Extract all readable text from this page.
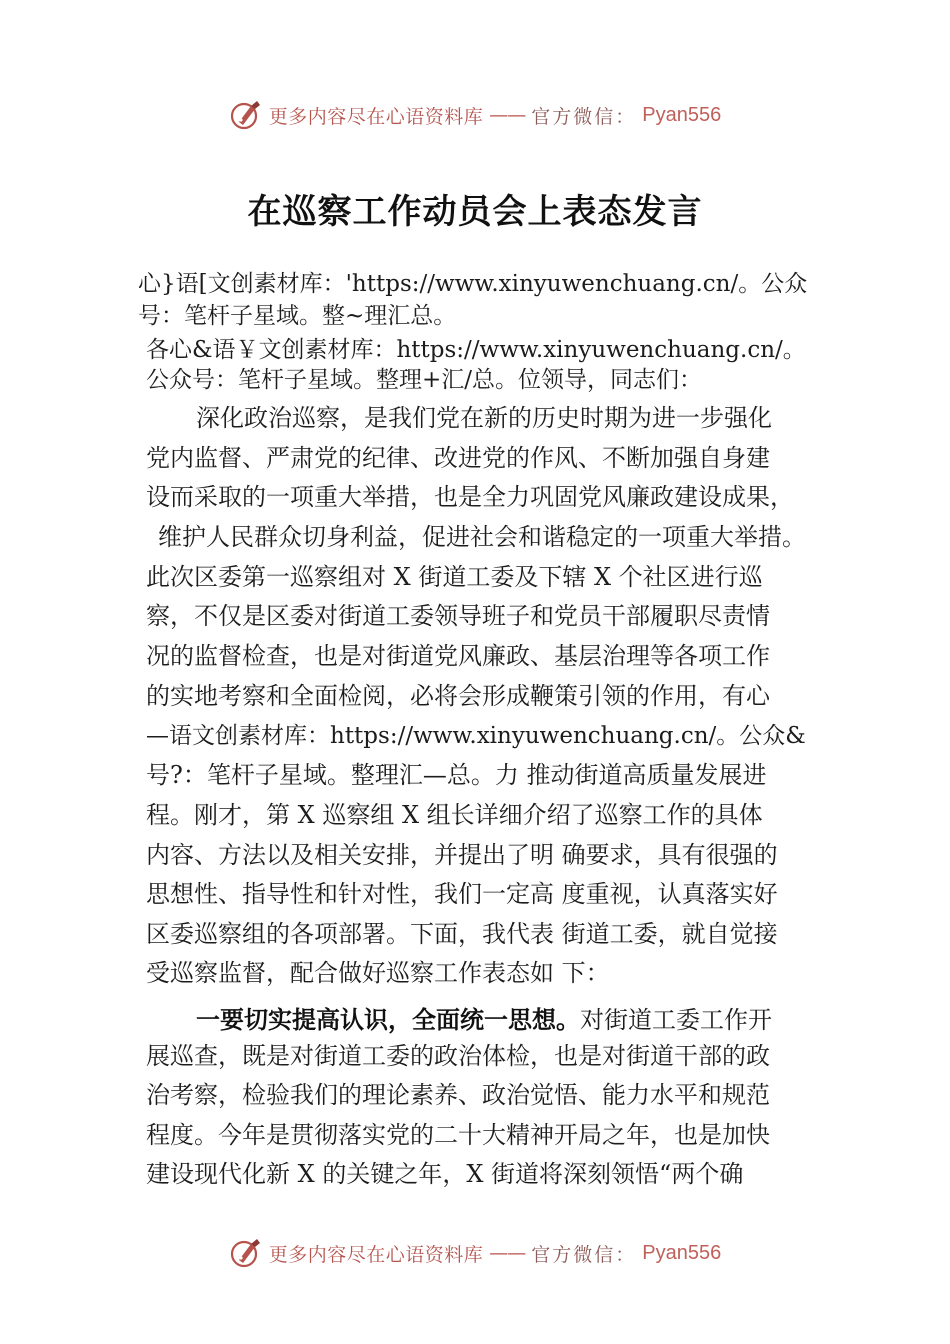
更多内容尽在心语资料库 —— 官方微信： Pyan556
在巡察工作动员会上表态发言
心}语[文创素材库：'https://www.xinyuwenchuang.cn/。公众
号：笔杆子星域。整~理汇总。
各心&语￥文创素材库：https://www.xinyuwenchuang.cn/。
公众号：笔杆子星域。整理+汇/总。位领导，同志们：
深化政治巡察，是我们党在新的历史时期为进一步强化
党内监督、严肃党的纪律、改进党的作风、不断加强自身建
设而采取的一项重大举措，也是全力巩固党风廉政建设成果，
维护人民群众切身利益，促进社会和谐稳定的一项重大举措。
此次区委第一巡察组对 X 街道工委及下辖 X 个社区进行巡
察，不仅是区委对街道工委领导班子和党员干部履职尽责情
况的监督检查，也是对街道党风廉政、基层治理等各项工作
的实地考察和全面检阅，必将会形成鞭策引领的作用，有心
—语文创素材库：https://www.xinyuwenchuang.cn/。公众&
号?：笔杆子星域。整理汇—总。力 推动街道高质量发展进
程。刚才，第 X 巡察组 X 组长详细介绍了巡察工作的具体
内容、方法以及相关安排，并提出了明 确要求，具有很强的
思想性、指导性和针对性，我们一定高 度重视，认真落实好
区委巡察组的各项部署。下面，我代表 街道工委，就自觉接
受巡察监督，配合做好巡察工作表态如 下：
一要切实提高认识，全面统一思想。对街道工委工作开
展巡查，既是对街道工委的政治体检，也是对街道干部的政
治考察，检验我们的理论素养、政治觉悟、能力水平和规范
程度。今年是贯彻落实党的二十大精神开局之年，也是加快
建设现代化新 X 的关键之年，X 街道将深刻领悟“两个确
更多内容尽在心语资料库 —— 官方微信： Pyan556
